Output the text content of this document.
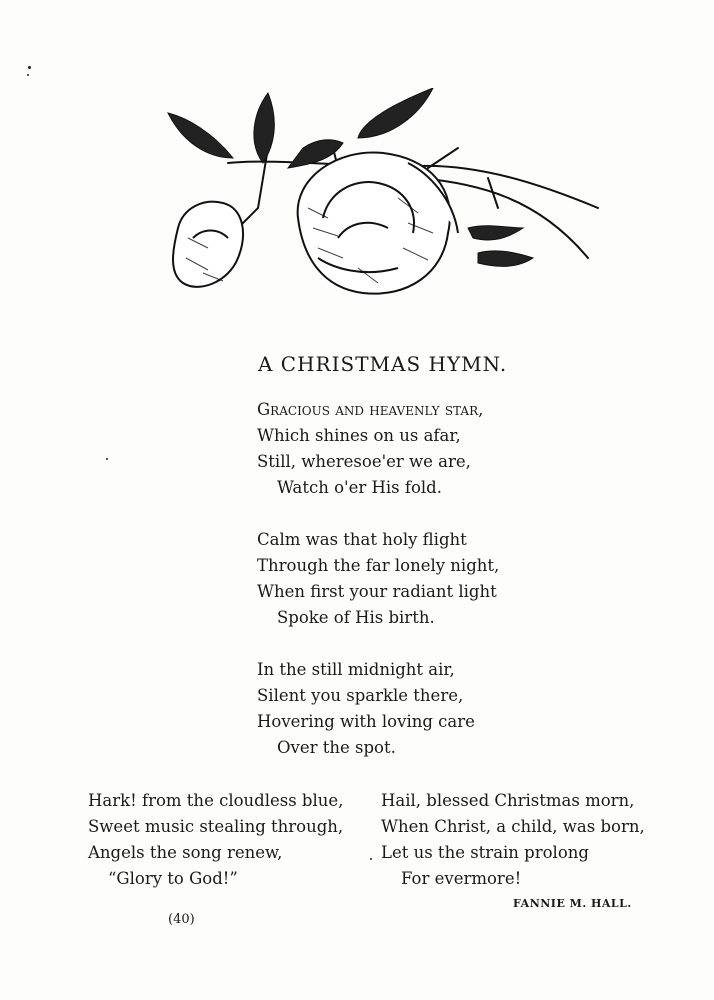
A CHRISTMAS HYMN.
Gracious and heavenly star,
Which shines on us afar,
Still, wheresoe'er we are,
Watch o'er His fold.
Calm was that holy flight
Through the far lonely night,
When first your radiant light
Spoke of His birth.
In the still midnight air,
Silent you sparkle there,
Hovering with loving care
Over the spot.
Hark! from the cloudless blue,
Sweet music stealing through,
Angels the song renew,
“Glory to God!”
Hail, blessed Christmas morn,
When Christ, a child, was born,
Let us the strain prolong
For evermore!
FANNIE M. HALL.
(40)
